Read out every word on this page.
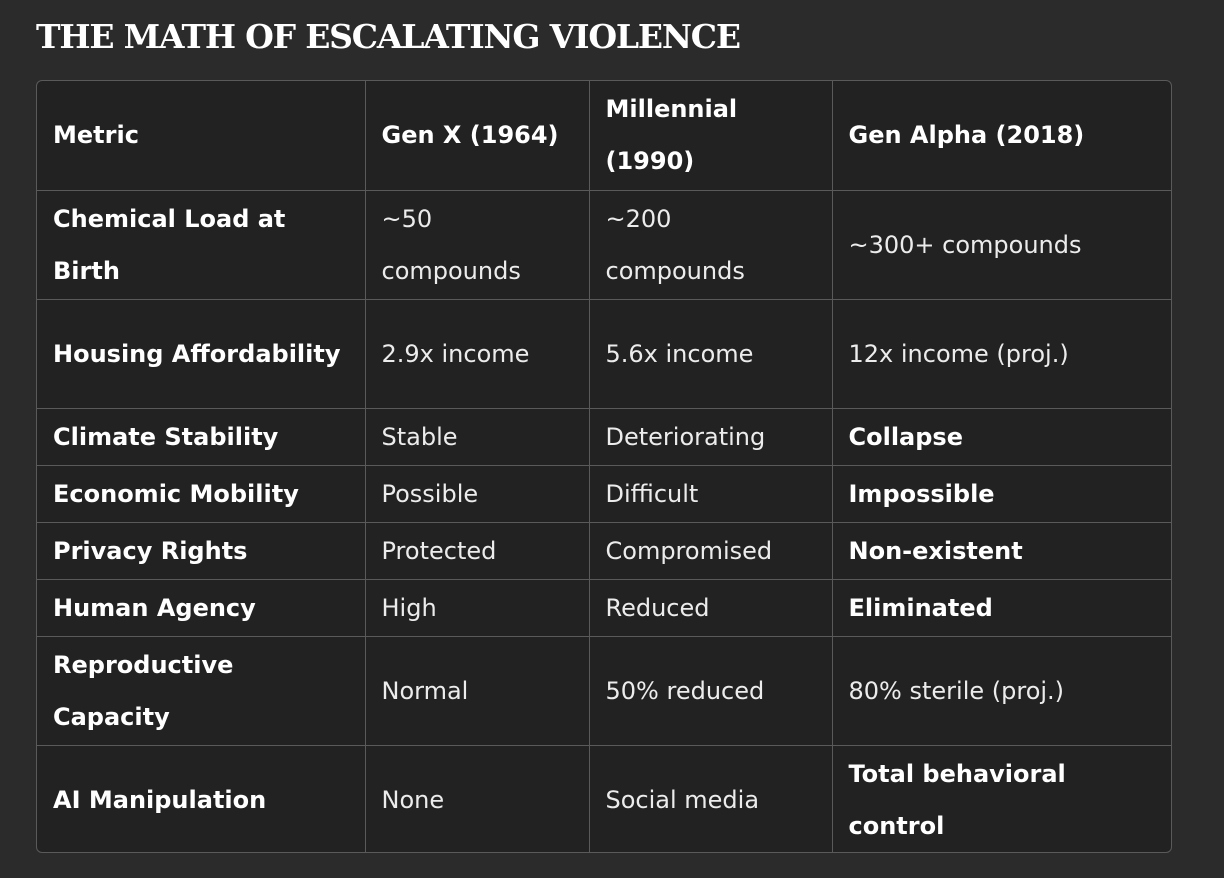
THE MATH OF ESCALATING VIOLENCE
Metric	Gen X (1964)	Millennial (1990)	Gen Alpha (2018)
Chemical Load at Birth	~50 compounds	~200 compounds	~300+ compounds
Housing Affordability	2.9x income	5.6x income	12x income (proj.)
Climate Stability	Stable	Deteriorating	Collapse
Economic Mobility	Possible	Difficult	Impossible
Privacy Rights	Protected	Compromised	Non-existent
Human Agency	High	Reduced	Eliminated
Reproductive Capacity	Normal	50% reduced	80% sterile (proj.)
AI Manipulation	None	Social media	Total behavioral control
